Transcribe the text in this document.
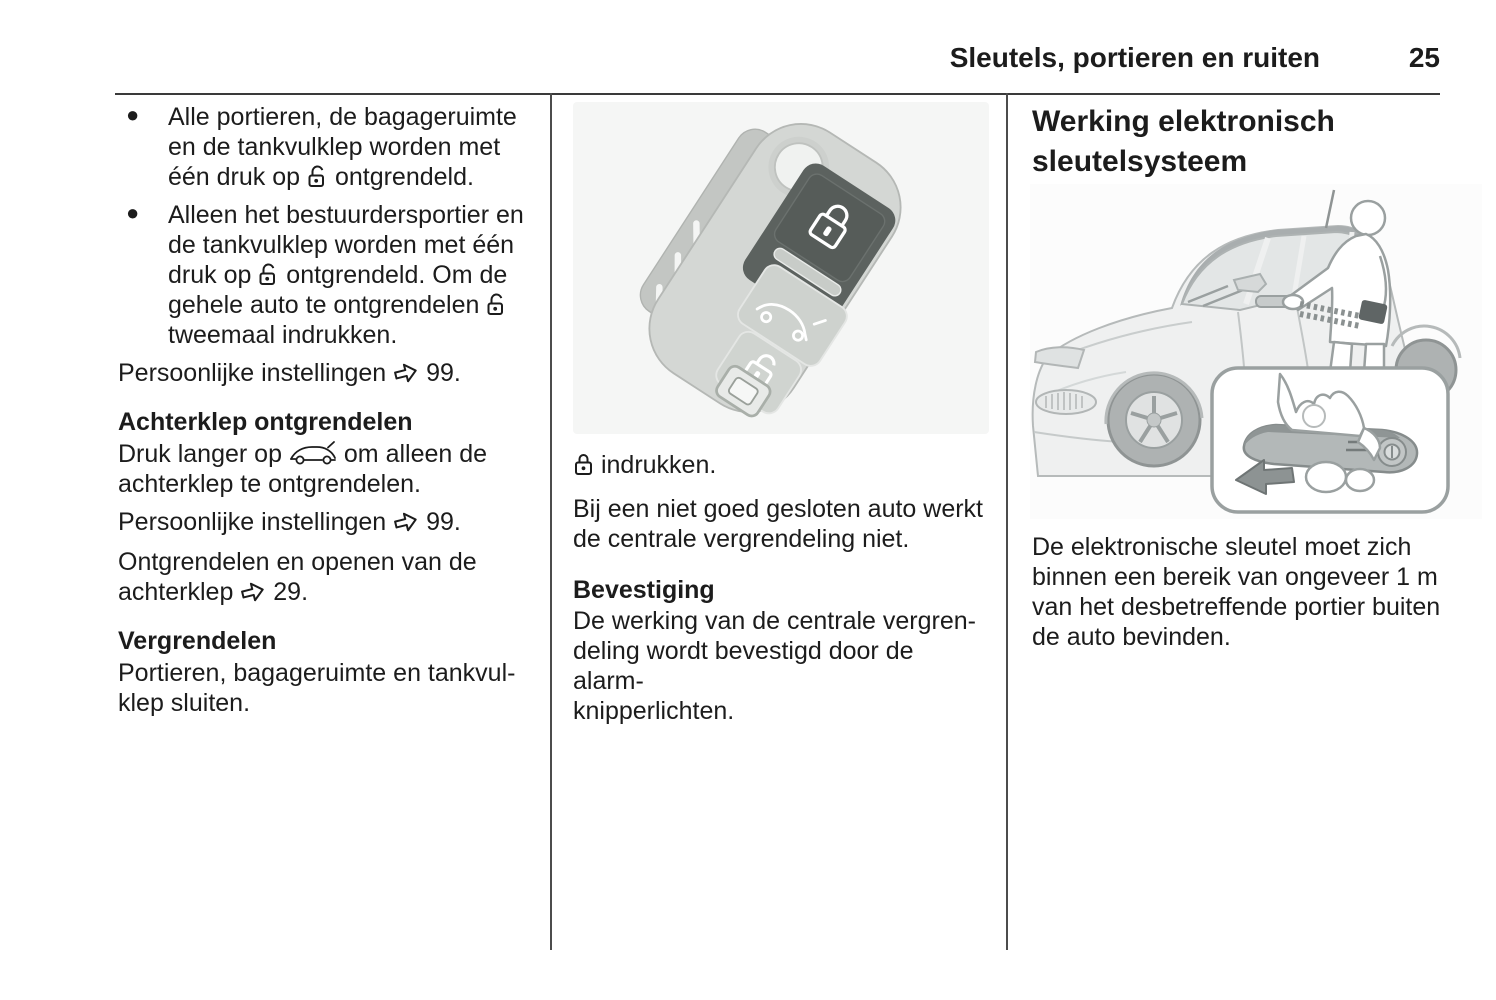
Sleutels, portieren en ruiten	25
● Alle portieren, de bagageruimte en de tankvulklep worden met één druk op ontgrendeld.
● Alleen het bestuurdersportier en de tankvulklep worden met één druk op ontgrendeld. Om de gehele auto te ontgrendelen  tweemaal indrukken.

Persoonlijke instellingen 99.

Achterklep ontgrendelen

Druk langer op om alleen de achterklep te ontgrendelen.

Persoonlijke instellingen 99.

Ontgrendelen en openen van de achterklep 29.

Vergrendelen

Portieren, bagageruimte en tankvul-
klep sluiten.

indrukken.

Bij een niet goed gesloten auto werkt de centrale vergrendeling niet.

Bevestiging

De werking van de centrale vergren-
deling wordt bevestigd door de alarm-
knipperlichten.

Werking elektronisch sleutelsysteem

De elektronische sleutel moet zich binnen een bereik van ongeveer 1 m van het desbetreffende portier buiten de auto bevinden.
